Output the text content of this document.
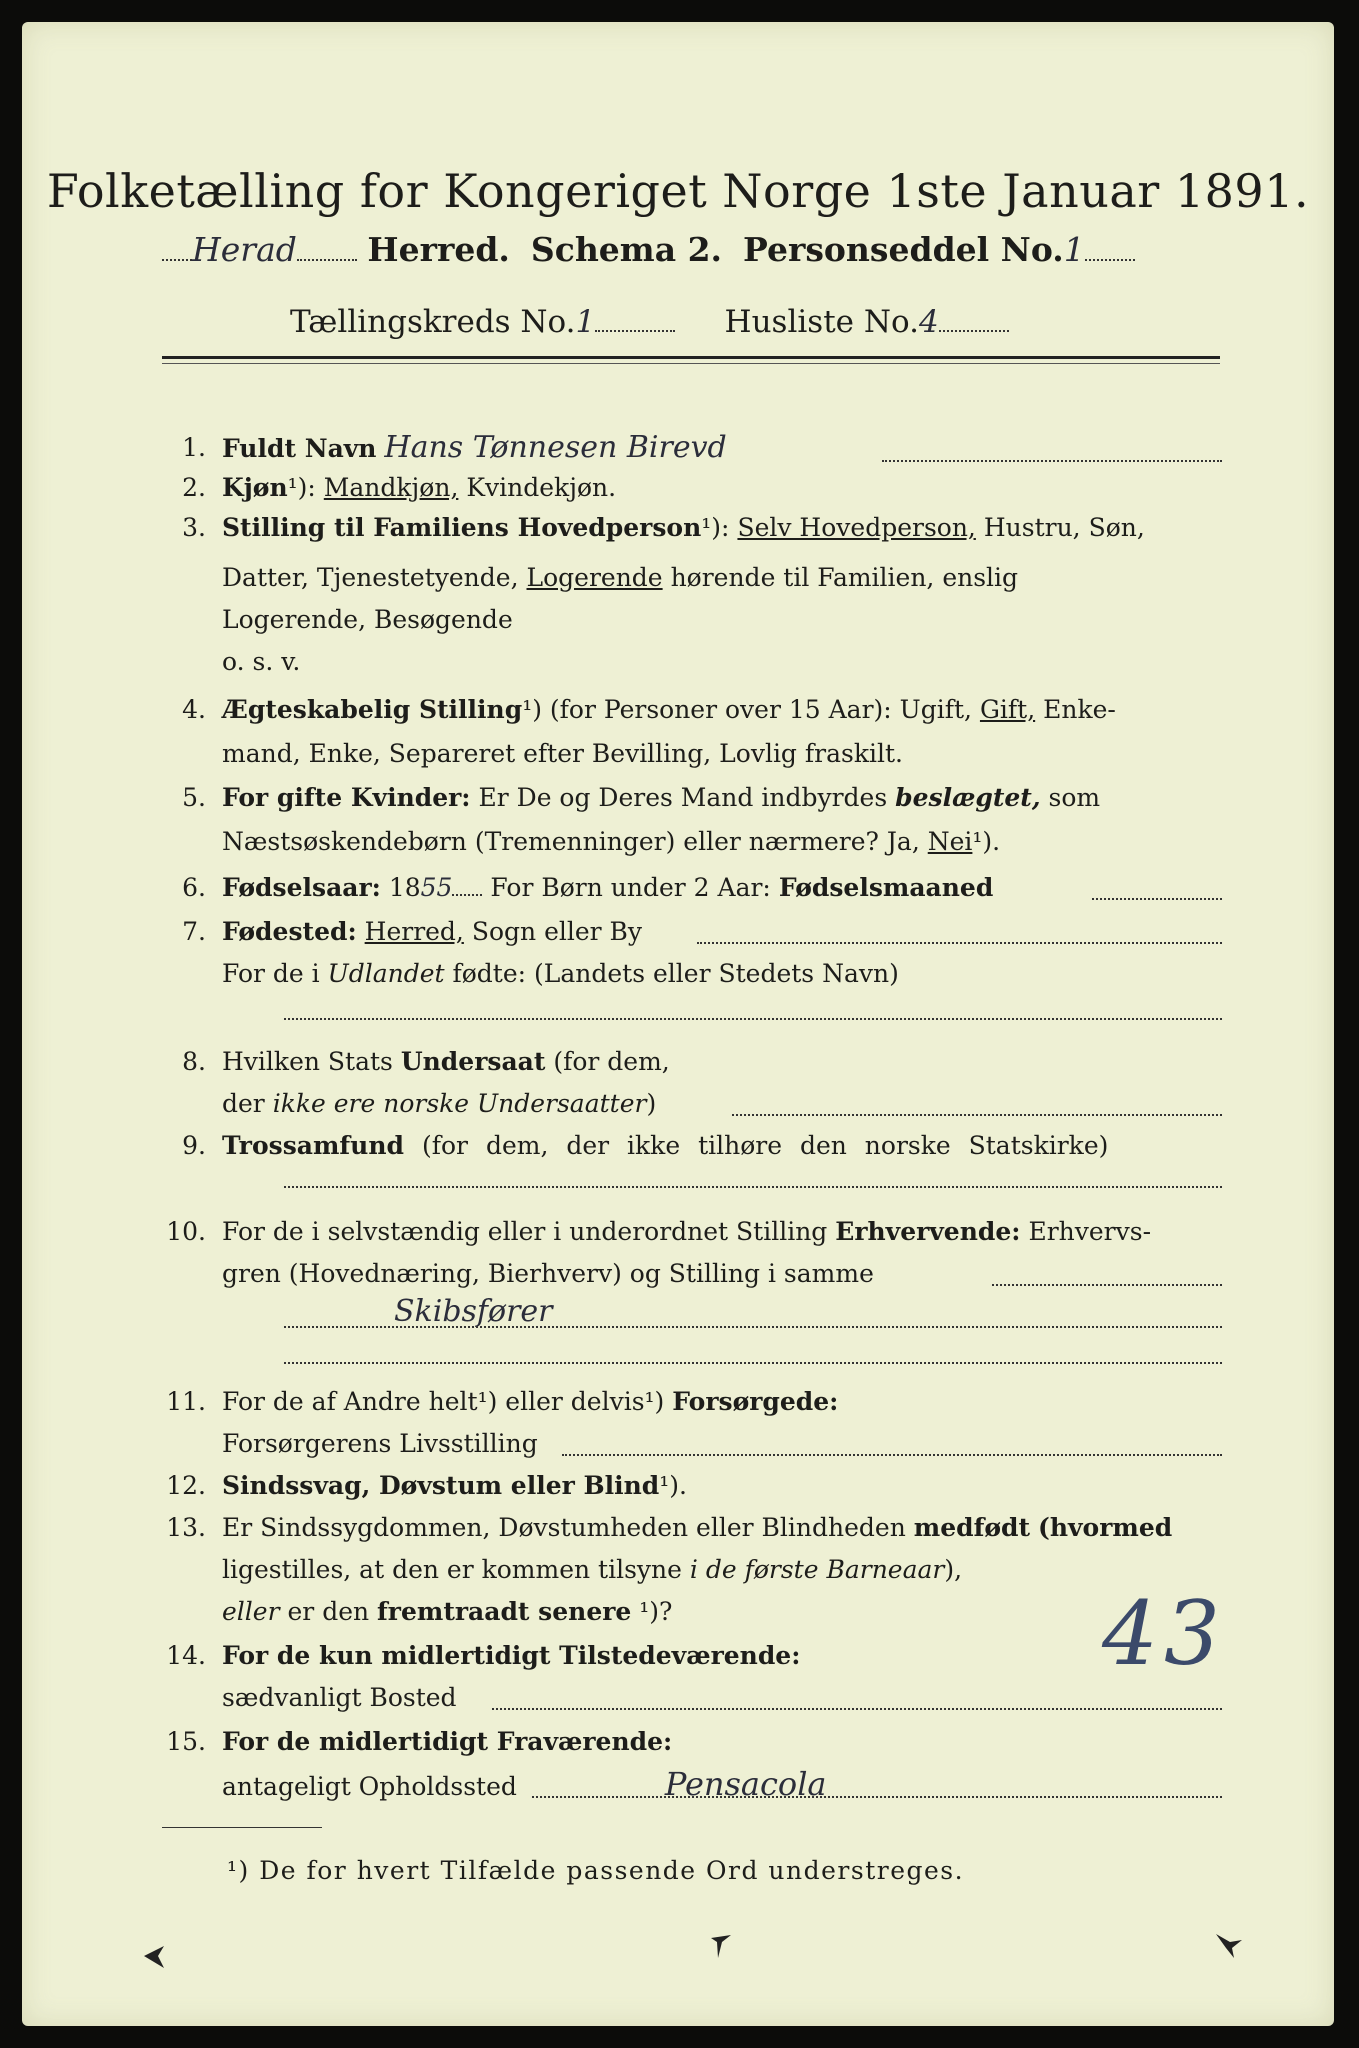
Folketælling for Kongeriget Norge 1ste Januar 1891.
Herad Herred. Schema 2. Personseddel No.1
Tællingskreds No.1	Husliste No.4
1. Fuldt Navn Hans Tønnesen Birevd
2. Kjøn¹): Mandkjøn, Kvindekjøn.
3. Stilling til Familiens Hovedperson¹): Selv Hovedperson, Hustru, Søn,
Datter, Tjenestetyende, Logerende hørende til Familien, enslig
Logerende, Besøgende
o. s. v.
4. Ægteskabelig Stilling¹) (for Personer over 15 Aar): Ugift, Gift, Enke-
mand, Enke, Separeret efter Bevilling, Lovlig fraskilt.
5. For gifte Kvinder: Er De og Deres Mand indbyrdes beslægtet, som
Næstsøskendebørn (Tremenninger) eller nærmere? Ja, Nei¹).
6. Fødselsaar: 1855 For Børn under 2 Aar: Fødselsmaaned
7. Fødested: Herred, Sogn eller By
For de i Udlandet fødte: (Landets eller Stedets Navn)
8. Hvilken Stats Undersaat (for dem,
der ikke ere norske Undersaatter)
9. Trossamfund (for dem, der ikke tilhøre den norske Statskirke)
10. For de i selvstændig eller i underordnet Stilling Erhvervende: Erhvervs-
gren (Hovednæring, Bierhverv) og Stilling i samme
Skibsfører
11. For de af Andre helt¹) eller delvis¹) Forsørgede:
Forsørgerens Livsstilling
12. Sindssvag, Døvstum eller Blind¹).
13. Er Sindssygdommen, Døvstumheden eller Blindheden medfødt (hvormed
ligestilles, at den er kommen tilsyne i de første Barneaar),
eller er den fremtraadt senere ¹)?
14. For de kun midlertidigt Tilstedeværende:
sædvanligt Bosted
15. For de midlertidigt Fraværende:
antageligt Opholdssted	Pensacola
43
¹) De for hvert Tilfælde passende Ord understreges.
